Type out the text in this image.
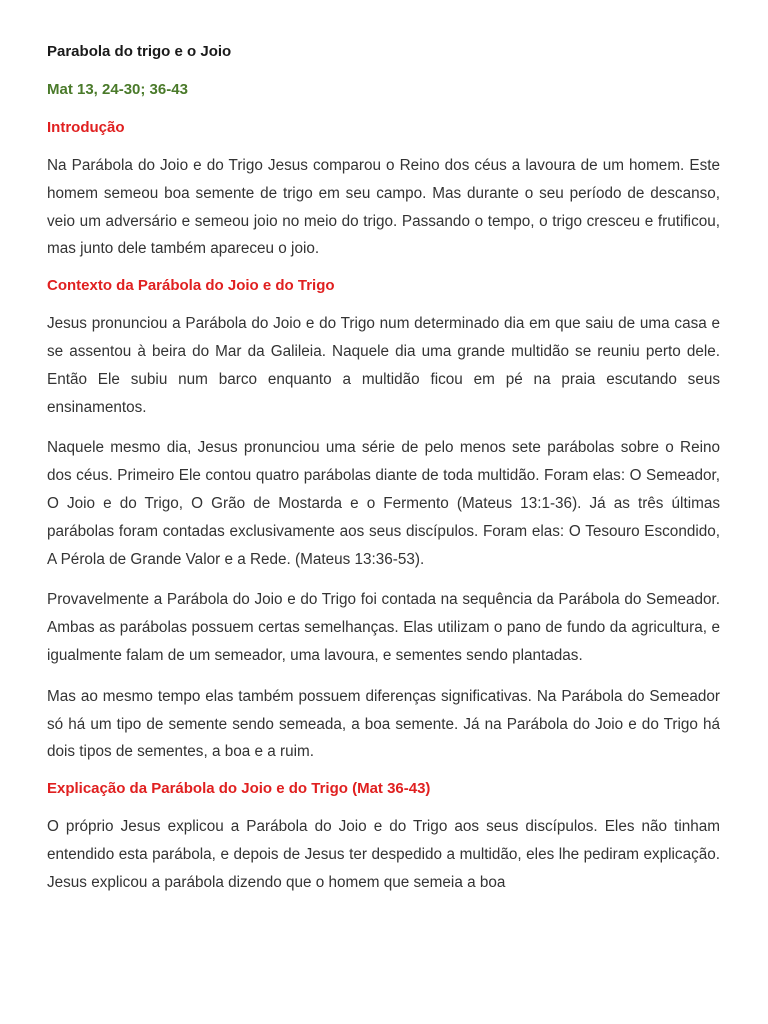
Parabola do trigo e o Joio
Mat 13, 24-30; 36-43
Introdução

Na Parábola do Joio e do Trigo Jesus comparou o Reino dos céus a lavoura de um homem. Este homem semeou boa semente de trigo em seu campo. Mas durante o seu período de descanso, veio um adversário e semeou joio no meio do trigo. Passando o tempo, o trigo cresceu e frutificou, mas junto dele também apareceu o joio.

Contexto da Parábola do Joio e do Trigo

Jesus pronunciou a Parábola do Joio e do Trigo num determinado dia em que saiu de uma casa e se assentou à beira do Mar da Galileia. Naquele dia uma grande multidão se reuniu perto dele. Então Ele subiu num barco enquanto a multidão ficou em pé na praia escutando seus ensinamentos.

Naquele mesmo dia, Jesus pronunciou uma série de pelo menos sete parábolas sobre o Reino dos céus. Primeiro Ele contou quatro parábolas diante de toda multidão. Foram elas: O Semeador, O Joio e do Trigo, O Grão de Mostarda e o Fermento (Mateus 13:1-36). Já as três últimas parábolas foram contadas exclusivamente aos seus discípulos. Foram elas: O Tesouro Escondido, A Pérola de Grande Valor e a Rede. (Mateus 13:36-53).

Provavelmente a Parábola do Joio e do Trigo foi contada na sequência da Parábola do Semeador. Ambas as parábolas possuem certas semelhanças. Elas utilizam o pano de fundo da agricultura, e igualmente falam de um semeador, uma lavoura, e sementes sendo plantadas.

Mas ao mesmo tempo elas também possuem diferenças significativas. Na Parábola do Semeador só há um tipo de semente sendo semeada, a boa semente. Já na Parábola do Joio e do Trigo há dois tipos de sementes, a boa e a ruim.

Explicação da Parábola do Joio e do Trigo (Mat 36-43)

O próprio Jesus explicou a Parábola do Joio e do Trigo aos seus discípulos. Eles não tinham entendido esta parábola, e depois de Jesus ter despedido a multidão, eles lhe pediram explicação. Jesus explicou a parábola dizendo que o homem que semeia a boa
